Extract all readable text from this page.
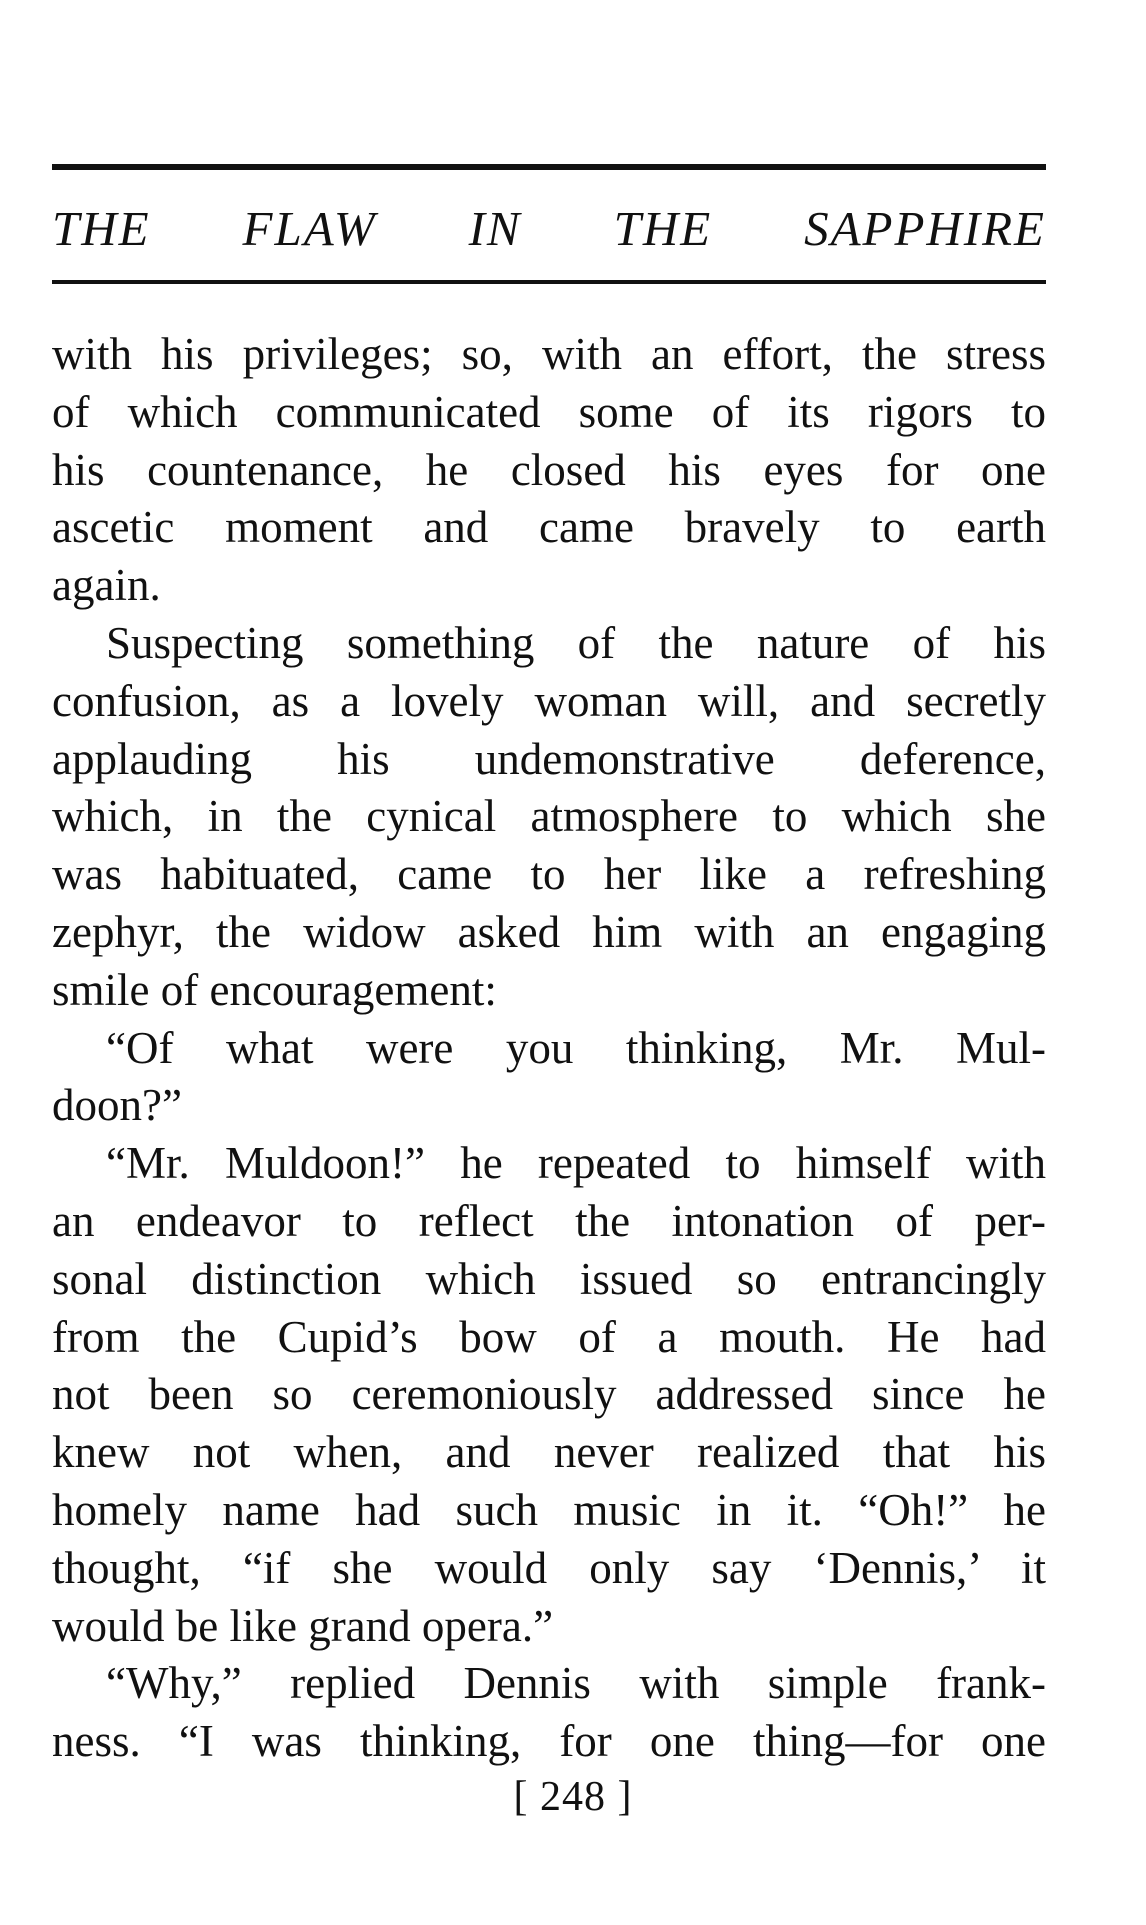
THE FLAW IN THE SAPPHIRE
with his privileges; so, with an effort, the stress
of which communicated some of its rigors to
his countenance, he closed his eyes for one
ascetic moment and came bravely to earth
again.
Suspecting something of the nature of his
confusion, as a lovely woman will, and secretly
applauding his undemonstrative deference,
which, in the cynical atmosphere to which she
was habituated, came to her like a refreshing
zephyr, the widow asked him with an engaging
smile of encouragement:
“Of what were you thinking, Mr. Mul-
doon?”
“Mr. Muldoon!” he repeated to himself with
an endeavor to reflect the intonation of per-
sonal distinction which issued so entrancingly
from the Cupid’s bow of a mouth. He had
not been so ceremoniously addressed since he
knew not when, and never realized that his
homely name had such music in it. “Oh!” he
thought, “if she would only say ‘Dennis,’ it
would be like grand opera.”
“Why,” replied Dennis with simple frank-
ness. “I was thinking, for one thing—for one
[ 248 ]
